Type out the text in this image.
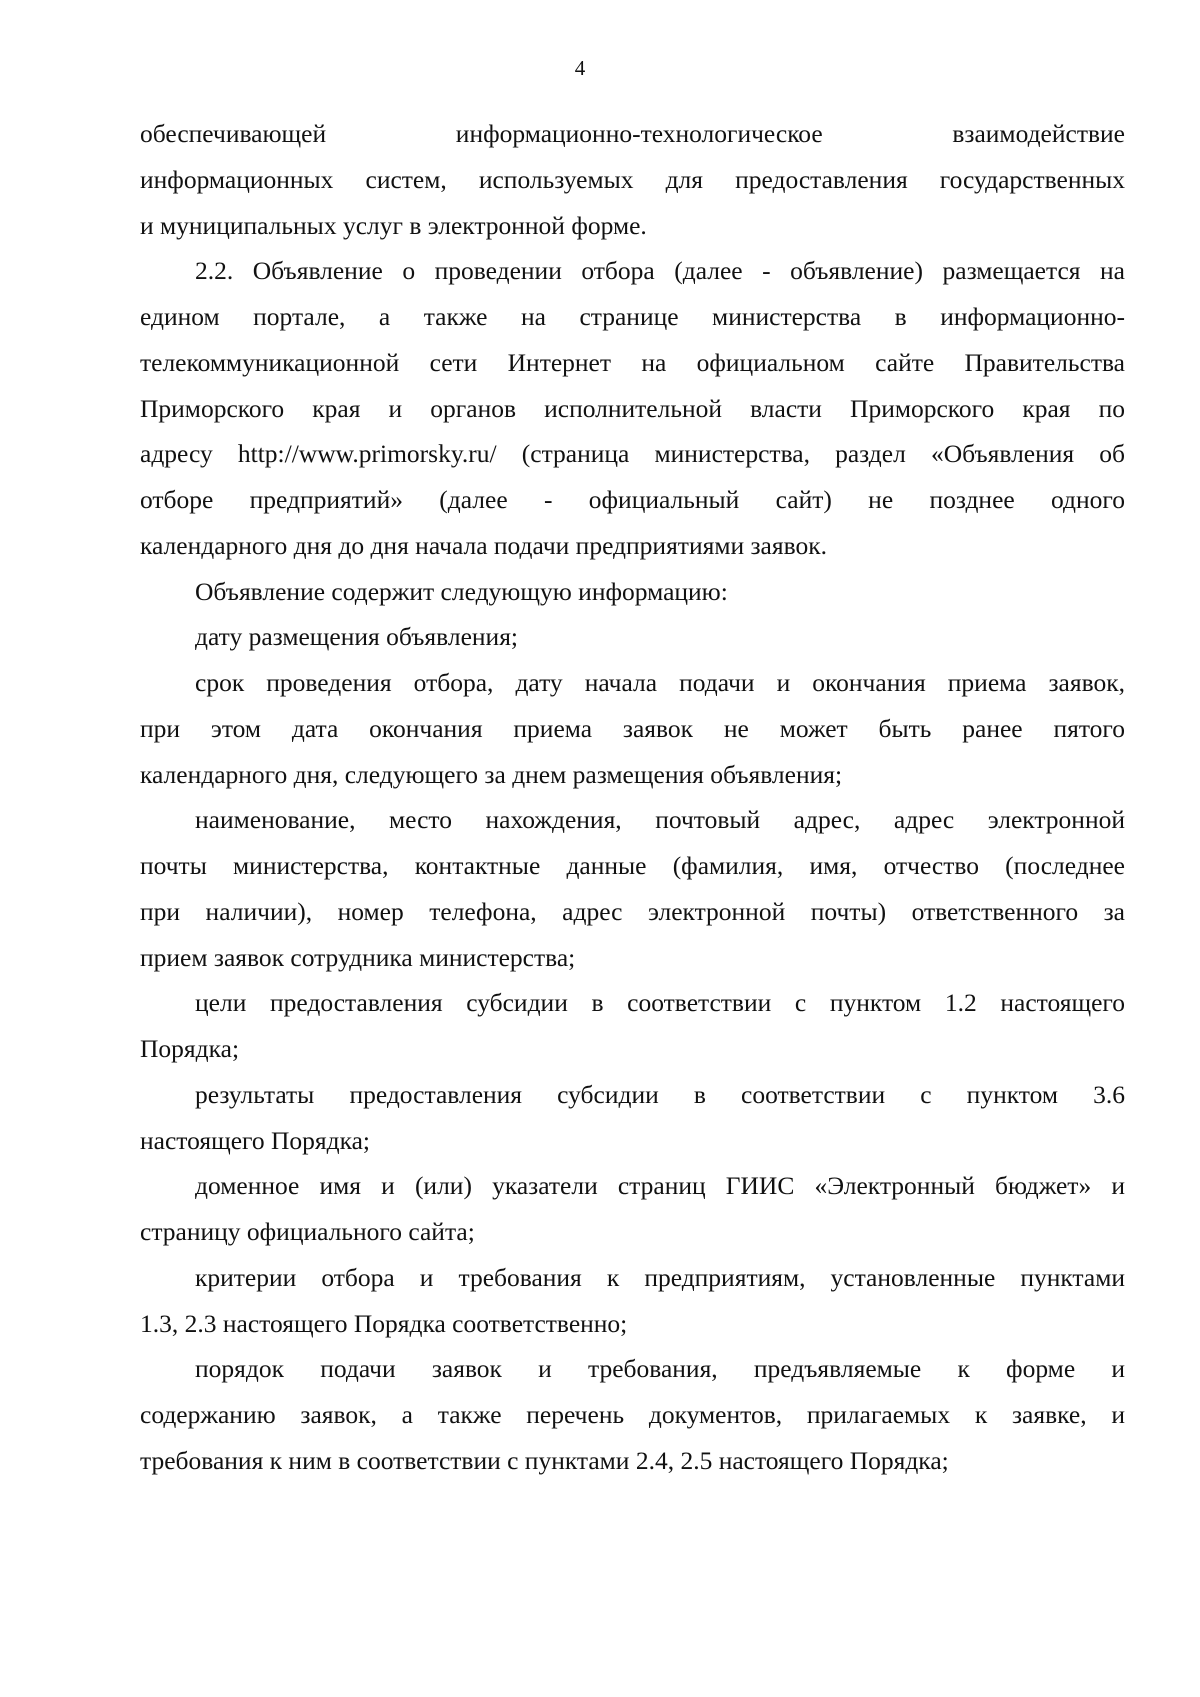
4
обеспечивающей информационно-технологическое взаимодействие
информационных систем, используемых для предоставления государственных
и муниципальных услуг в электронной форме.
2.2. Объявление о проведении отбора (далее - объявление) размещается на
едином портале, а также на странице министерства в информационно-
телекоммуникационной сети Интернет на официальном сайте Правительства
Приморского края и органов исполнительной власти Приморского края по
адресу http://www.primorsky.ru/ (страница министерства, раздел «Объявления об
отборе предприятий» (далее - официальный сайт) не позднее одного
календарного дня до дня начала подачи предприятиями заявок.
Объявление содержит следующую информацию:
дату размещения объявления;
срок проведения отбора, дату начала подачи и окончания приема заявок,
при этом дата окончания приема заявок не может быть ранее пятого
календарного дня, следующего за днем размещения объявления;
наименование, место нахождения, почтовый адрес, адрес электронной
почты министерства, контактные данные (фамилия, имя, отчество (последнее
при наличии), номер телефона, адрес электронной почты) ответственного за
прием заявок сотрудника министерства;
цели предоставления субсидии в соответствии с пунктом 1.2 настоящего
Порядка;
результаты предоставления субсидии в соответствии с пунктом 3.6
настоящего Порядка;
доменное имя и (или) указатели страниц ГИИС «Электронный бюджет» и
страницу официального сайта;
критерии отбора и требования к предприятиям, установленные пунктами
1.3, 2.3 настоящего Порядка соответственно;
порядок подачи заявок и требования, предъявляемые к форме и
содержанию заявок, а также перечень документов, прилагаемых к заявке, и
требования к ним в соответствии с пунктами 2.4, 2.5 настоящего Порядка;
